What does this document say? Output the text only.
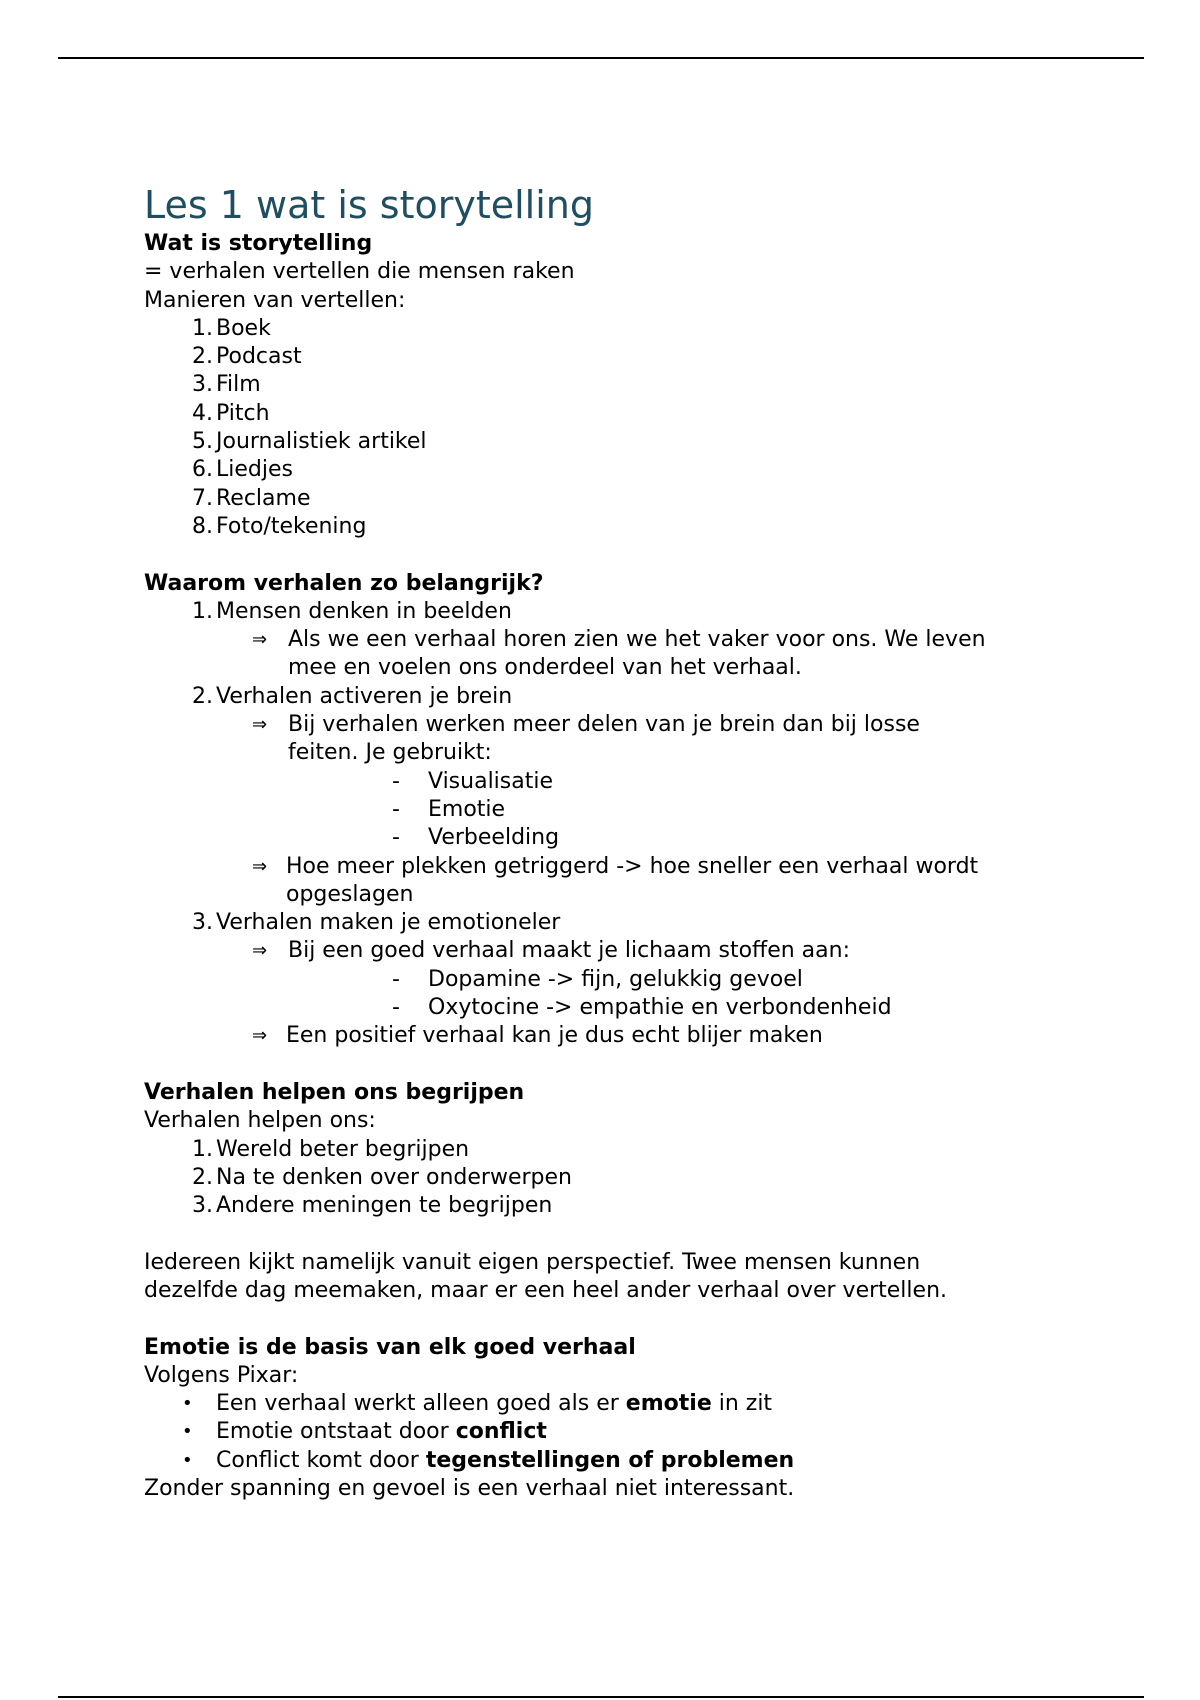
Les 1 wat is storytelling
Wat is storytelling
= verhalen vertellen die mensen raken
Manieren van vertellen:
1. Boek
2. Podcast
3. Film
4. Pitch
5. Journalistiek artikel
6. Liedjes
7. Reclame
8. Foto/tekening
Waarom verhalen zo belangrijk?
1. Mensen denken in beelden
⇒ Als we een verhaal horen zien we het vaker voor ons. We leven
mee en voelen ons onderdeel van het verhaal.
2. Verhalen activeren je brein
⇒ Bij verhalen werken meer delen van je brein dan bij losse
feiten. Je gebruikt:
- Visualisatie
- Emotie
- Verbeelding
⇒ Hoe meer plekken getriggerd -> hoe sneller een verhaal wordt
opgeslagen
3. Verhalen maken je emotioneler
⇒ Bij een goed verhaal maakt je lichaam stoffen aan:
- Dopamine -> fijn, gelukkig gevoel
- Oxytocine -> empathie en verbondenheid
⇒ Een positief verhaal kan je dus echt blijer maken
Verhalen helpen ons begrijpen
Verhalen helpen ons:
1. Wereld beter begrijpen
2. Na te denken over onderwerpen
3. Andere meningen te begrijpen
Iedereen kijkt namelijk vanuit eigen perspectief. Twee mensen kunnen
dezelfde dag meemaken, maar er een heel ander verhaal over vertellen.
Emotie is de basis van elk goed verhaal
Volgens Pixar:
• Een verhaal werkt alleen goed als er emotie in zit
• Emotie ontstaat door conflict
• Conflict komt door tegenstellingen of problemen
Zonder spanning en gevoel is een verhaal niet interessant.
